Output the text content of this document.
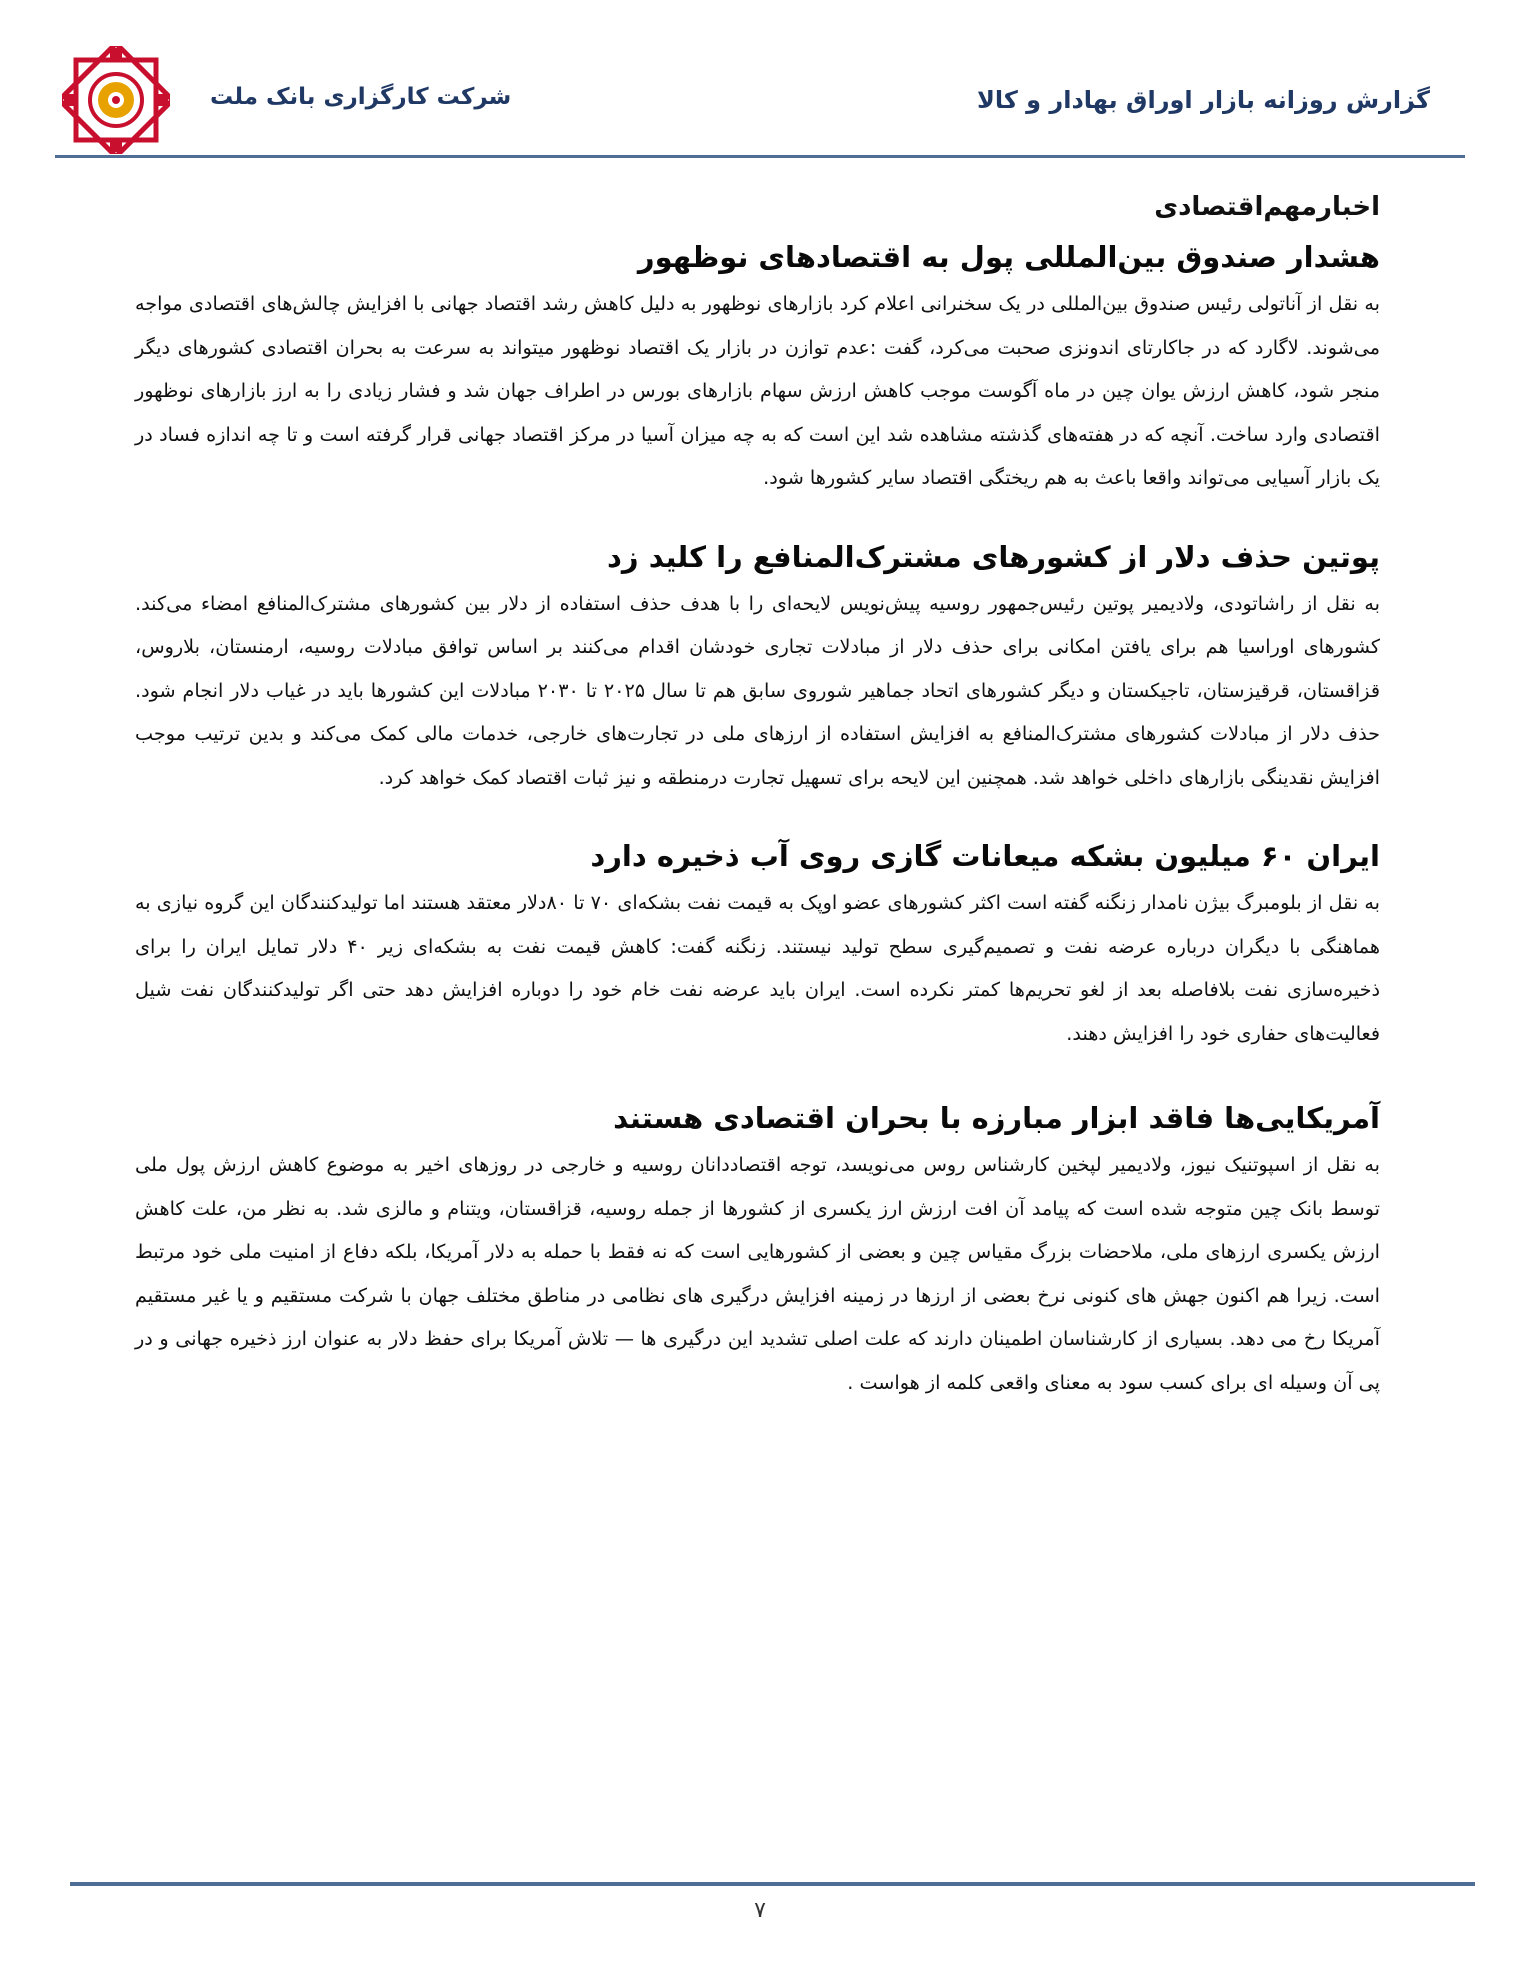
شرکت کارگزاری بانک ملت	گزارش روزانه بازار اوراق بهادار و کالا
اخبارمهم‌اقتصادی
هشدار صندوق بین‌المللی پول به اقتصادهای نوظهور

به نقل از آناتولی رئیس صندوق بین‌المللی در یک سخنرانی اعلام کرد بازارهای نوظهور به دلیل کاهش رشد اقتصاد جهانی با افزایش چالش‌های اقتصادی مواجه می‌شوند. لاگارد که در جاکارتای اندونزی صحبت می‌کرد، گفت :عدم توازن در بازار یک اقتصاد نوظهور میتواند به سرعت به بحران اقتصادی کشورهای دیگر منجر شود، کاهش ارزش یوان چین در ماه آگوست موجب کاهش ارزش سهام بازارهای بورس در اطراف جهان شد و فشار زیادی را به ارز بازارهای نوظهور اقتصادی وارد ساخت. آنچه که در هفته‌های گذشته مشاهده شد این است که به چه میزان آسیا در مرکز اقتصاد جهانی قرار گرفته است و تا چه اندازه فساد در یک بازار آسیایی می‌تواند واقعا باعث به هم ریختگی اقتصاد سایر کشورها شود.

پوتین حذف دلار از کشورهای مشترک‌المنافع را کلید زد

به نقل از راشاتودی، ولادیمیر پوتین رئیس‌جمهور روسیه پیش‌نویس لایحه‌ای را با هدف حذف استفاده از دلار بین کشورهای مشترک‌المنافع امضاء می‌کند. کشورهای اوراسیا هم برای یافتن امکانی برای حذف دلار از مبادلات تجاری خودشان اقدام می‌کنند بر اساس توافق مبادلات روسیه، ارمنستان، بلاروس، قزاقستان، قرقیزستان، تاجیکستان و دیگر کشورهای اتحاد جماهیر شوروی سابق هم تا سال ۲۰۲۵ تا ۲۰۳۰ مبادلات این کشورها باید در غیاب دلار انجام شود. حذف دلار از مبادلات کشورهای مشترک‌المنافع به افزایش استفاده از ارزهای ملی در تجارت‌های خارجی، خدمات مالی کمک می‌کند و بدین ترتیب موجب افزایش نقدینگی بازارهای داخلی خواهد شد. همچنین این لایحه برای تسهیل تجارت درمنطقه و نیز ثبات اقتصاد کمک خواهد کرد.

ایران ۶۰ میلیون بشکه میعانات گازی روی آب ذخیره دارد

به نقل از بلومبرگ بیژن نامدار زنگنه گفته است اکثر کشورهای عضو اوپک به قیمت نفت بشکه‌ای ۷۰ تا ۸۰دلار معتقد هستند اما تولیدکنندگان این گروه نیازی به هماهنگی با دیگران درباره عرضه نفت و تصمیم‌گیری سطح تولید نیستند. زنگنه گفت: کاهش قیمت نفت به بشکه‌ای زیر ۴۰ دلار تمایل ایران را برای ذخیره‌سازی نفت بلافاصله بعد از لغو تحریم‌ها کمتر نکرده است. ایران باید عرضه نفت خام خود را دوباره افزایش دهد حتی اگر تولیدکنندگان نفت شیل فعالیت‌های حفاری خود را افزایش دهند.

آمریکایی‌ها فاقد ابزار مبارزه با بحران اقتصادی هستند

به نقل از اسپوتنیک نیوز، ولادیمیر لپخین کارشناس روس می‌نویسد، توجه اقتصاددانان روسیه و خارجی در روزهای اخیر به موضوع کاهش ارزش پول ملی توسط بانک چین متوجه شده است که پیامد آن افت ارزش ارز یکسری از کشورها از جمله روسیه، قزاقستان، ویتنام و مالزی شد. به نظر من، علت کاهش ارزش یکسری ارزهای ملی، ملاحضات بزرگ مقیاس چین و بعضی از کشورهایی است که نه فقط با حمله به دلار آمریکا، بلکه دفاع از امنیت ملی خود مرتبط است. زیرا هم اکنون جهش های کنونی نرخ بعضی از ارزها در زمینه افزایش درگیری های نظامی در مناطق مختلف جهان با شرکت مستقیم و یا غیر مستقیم آمریکا رخ می دهد. بسیاری از کارشناسان اطمینان دارند که علت اصلی تشدید این درگیری ها — تلاش آمریکا برای حفظ دلار به عنوان ارز ذخیره جهانی و در پی آن وسیله ای برای کسب سود به معنای واقعی کلمه از هواست .

۷
